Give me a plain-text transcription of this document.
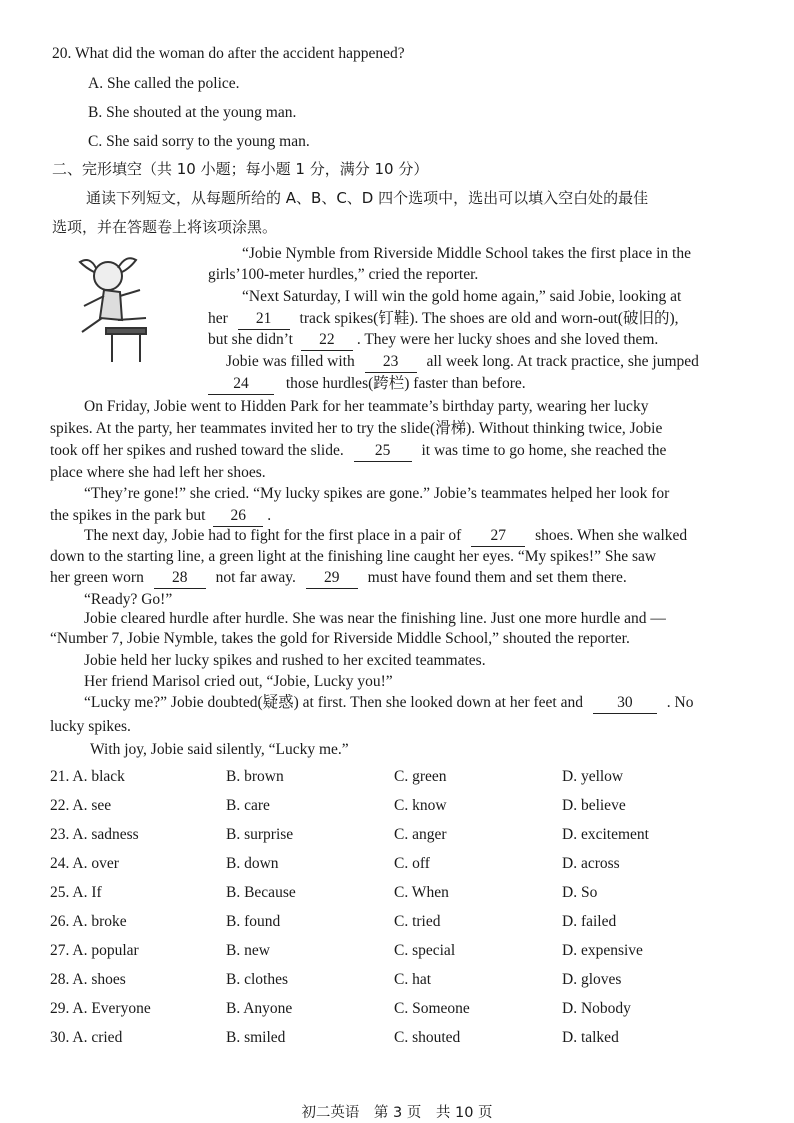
20. What did the woman do after the accident happened?
A. She called the police.
B. She shouted at the young man.
C. She said sorry to the young man.
二、完形填空（共 10 小题；每小题 1 分，满分 10 分）
通读下列短文，从每题所给的 A、B、C、D 四个选项中，选出可以填入空白处的最佳
选项，并在答题卷上将该项涂黑。
“Jobie Nymble from Riverside Middle School takes the first place in the
girls’100-meter hurdles,” cried the reporter.
“Next Saturday, I will win the gold home again,” said Jobie, looking at
her 21 track spikes(钉鞋). The shoes are old and worn-out(破旧的),
but she didn’t 22 . They were her lucky shoes and she loved them.
Jobie was filled with 23 all week long. At track practice, she jumped
24 those hurdles(跨栏) faster than before.
On Friday, Jobie went to Hidden Park for her teammate’s birthday party, wearing her lucky
spikes. At the party, her teammates invited her to try the slide(滑梯). Without thinking twice, Jobie
took off her spikes and rushed toward the slide. 25 it was time to go home, she reached the
place where she had left her shoes.
“They’re gone!” she cried. “My lucky spikes are gone.” Jobie’s teammates helped her look for
the spikes in the park but 26 .
The next day, Jobie had to fight for the first place in a pair of 27 shoes. When she walked
down to the starting line, a green light at the finishing line caught her eyes. “My spikes!” She saw
her green worn 28 not far away. 29 must have found them and set them there.
“Ready? Go!”
Jobie cleared hurdle after hurdle. She was near the finishing line. Just one more hurdle and —
“Number 7, Jobie Nymble, takes the gold for Riverside Middle School,” shouted the reporter.
Jobie held her lucky spikes and rushed to her excited teammates.
Her friend Marisol cried out, “Jobie, Lucky you!”
“Lucky me?” Jobie doubted(疑惑) at first. Then she looked down at her feet and 30 . No
lucky spikes.
With joy, Jobie said silently, “Lucky me.”
21. A. black	B. brown	C. green	D. yellow
22. A. see	B. care	C. know	D. believe
23. A. sadness	B. surprise	C. anger	D. excitement
24. A. over	B. down	C. off	D. across
25. A. If	B. Because	C. When	D. So
26. A. broke	B. found	C. tried	D. failed
27. A. popular	B. new	C. special	D. expensive
28. A. shoes	B. clothes	C. hat	D. gloves
29. A. Everyone	B. Anyone	C. Someone	D. Nobody
30. A. cried	B. smiled	C. shouted	D. talked
初二英语　第 3 页　共 10 页
